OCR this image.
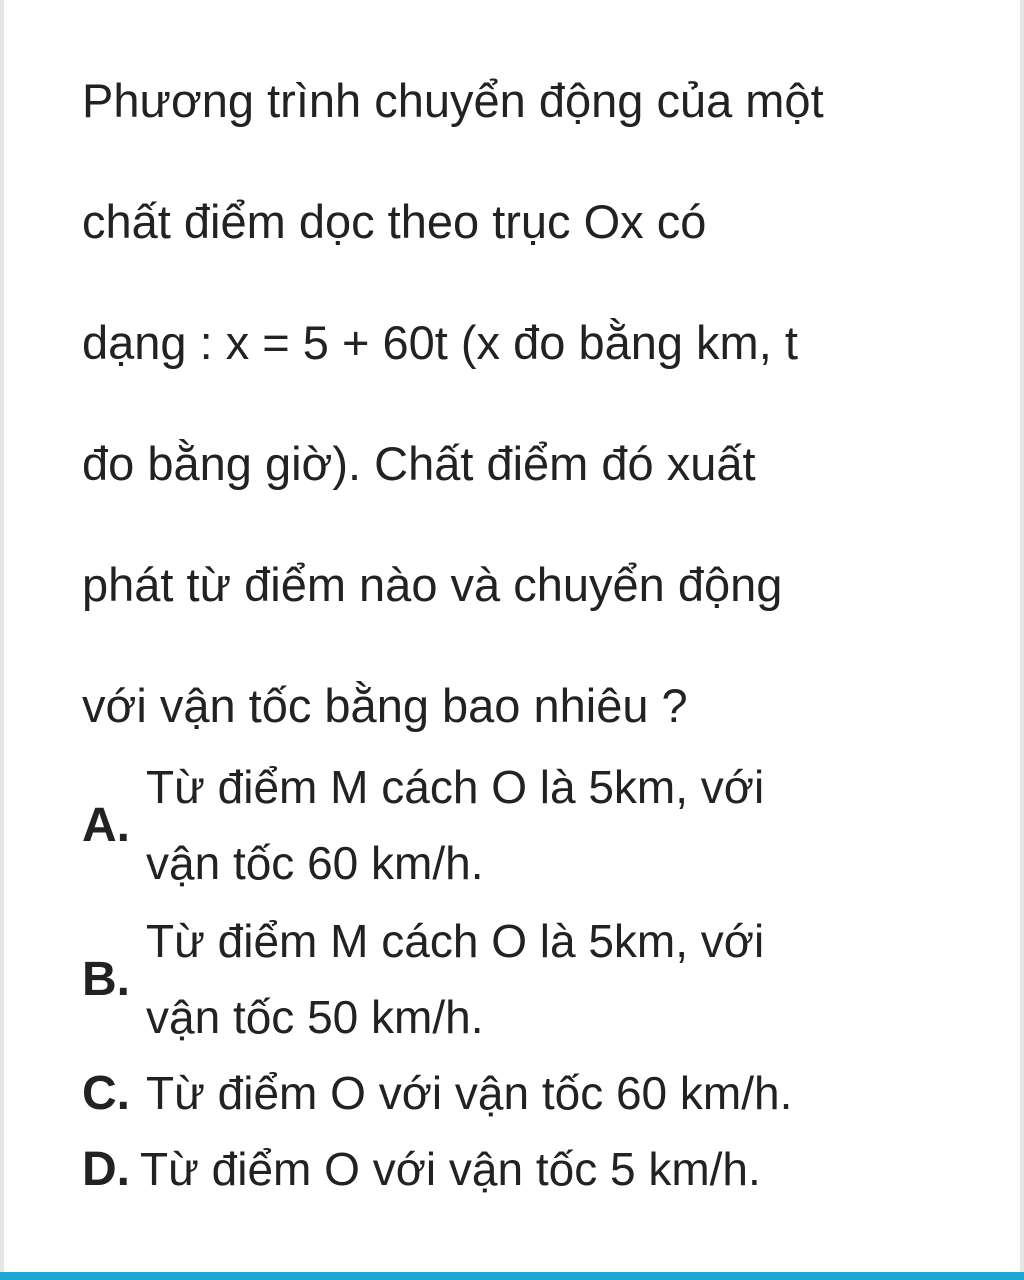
Phương trình chuyển động của một
chất điểm dọc theo trục Ox có
dạng : x = 5 + 60t (x đo bằng km, t
đo bằng giờ). Chất điểm đó xuất
phát từ điểm nào và chuyển động
với vận tốc bằng bao nhiêu ?
A.
Từ điểm M cách O là 5km, với
vận tốc 60 km/h.
B.
Từ điểm M cách O là 5km, với
vận tốc 50 km/h.
C. Từ điểm O với vận tốc 60 km/h.
D. Từ điểm O với vận tốc 5 km/h.
